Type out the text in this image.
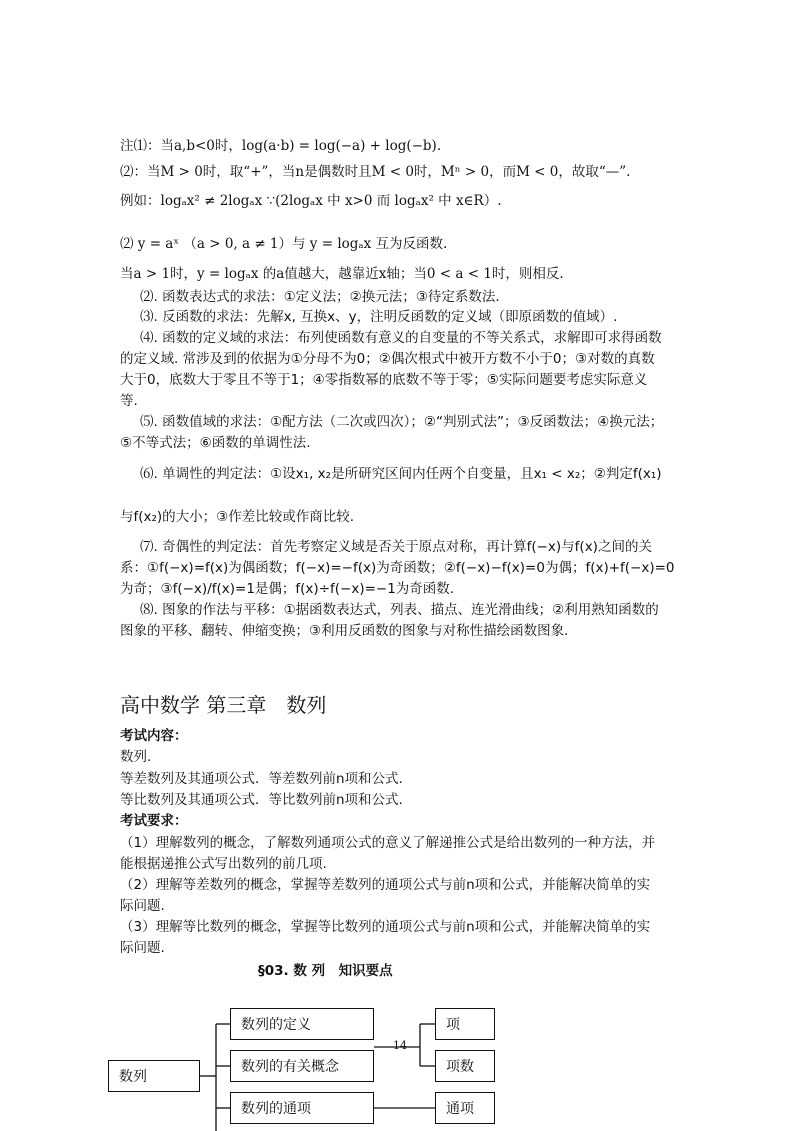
注⑴：当a,b<0时，log(a·b) = log(−a) + log(−b).
⑵：当M > 0时，取“+”，当n是偶数时且M < 0时，Mⁿ > 0，而M < 0，故取“—”.
例如：logₐx² ≠ 2logₐx ∵(2logₐx 中 x>0 而 logₐx² 中 x∈R）.
⑵ y = aˣ （a > 0, a ≠ 1）与 y = logₐx 互为反函数.
当a > 1时，y = logₐx 的a值越大，越靠近x轴；当0 < a < 1时，则相反.
⑵. 函数表达式的求法：①定义法；②换元法；③待定系数法.
⑶. 反函数的求法：先解x, 互换x、y，注明反函数的定义域（即原函数的值域）.
⑷. 函数的定义域的求法：布列使函数有意义的自变量的不等关系式，求解即可求得函数
的定义域. 常涉及到的依据为①分母不为0；②偶次根式中被开方数不小于0；③对数的真数
大于0，底数大于零且不等于1；④零指数幂的底数不等于零；⑤实际问题要考虑实际意义
等.
⑸. 函数值域的求法：①配方法（二次或四次）；②“判别式法”；③反函数法；④换元法；
⑤不等式法；⑥函数的单调性法.
⑹. 单调性的判定法：①设x₁, x₂是所研究区间内任两个自变量，且x₁ < x₂；②判定f(x₁)
与f(x₂)的大小；③作差比较或作商比较.
⑺. 奇偶性的判定法：首先考察定义域是否关于原点对称，再计算f(−x)与f(x)之间的关
系：①f(−x)=f(x)为偶函数；f(−x)=−f(x)为奇函数；②f(−x)−f(x)=0为偶；f(x)+f(−x)=0
为奇；③f(−x)/f(x)=1是偶；f(x)÷f(−x)=−1为奇函数.
⑻. 图象的作法与平移：①据函数表达式，列表、描点、连光滑曲线；②利用熟知函数的
图象的平移、翻转、伸缩变换；③利用反函数的图象与对称性描绘函数图象.
高中数学 第三章　数列
考试内容：
数列.
等差数列及其通项公式．等差数列前n项和公式.
等比数列及其通项公式．等比数列前n项和公式.
考试要求：
（1）理解数列的概念，了解数列通项公式的意义了解递推公式是给出数列的一种方法，并
能根据递推公式写出数列的前几项.
（2）理解等差数列的概念，掌握等差数列的通项公式与前n项和公式，并能解决简单的实
际问题.
（3）理解等比数列的概念，掌握等比数列的通项公式与前n项和公式，并能解决简单的实
际问题.
§03. 数 列　知识要点
14
数列
数列的定义
数列的有关概念
数列的通项
项
项数
通项
